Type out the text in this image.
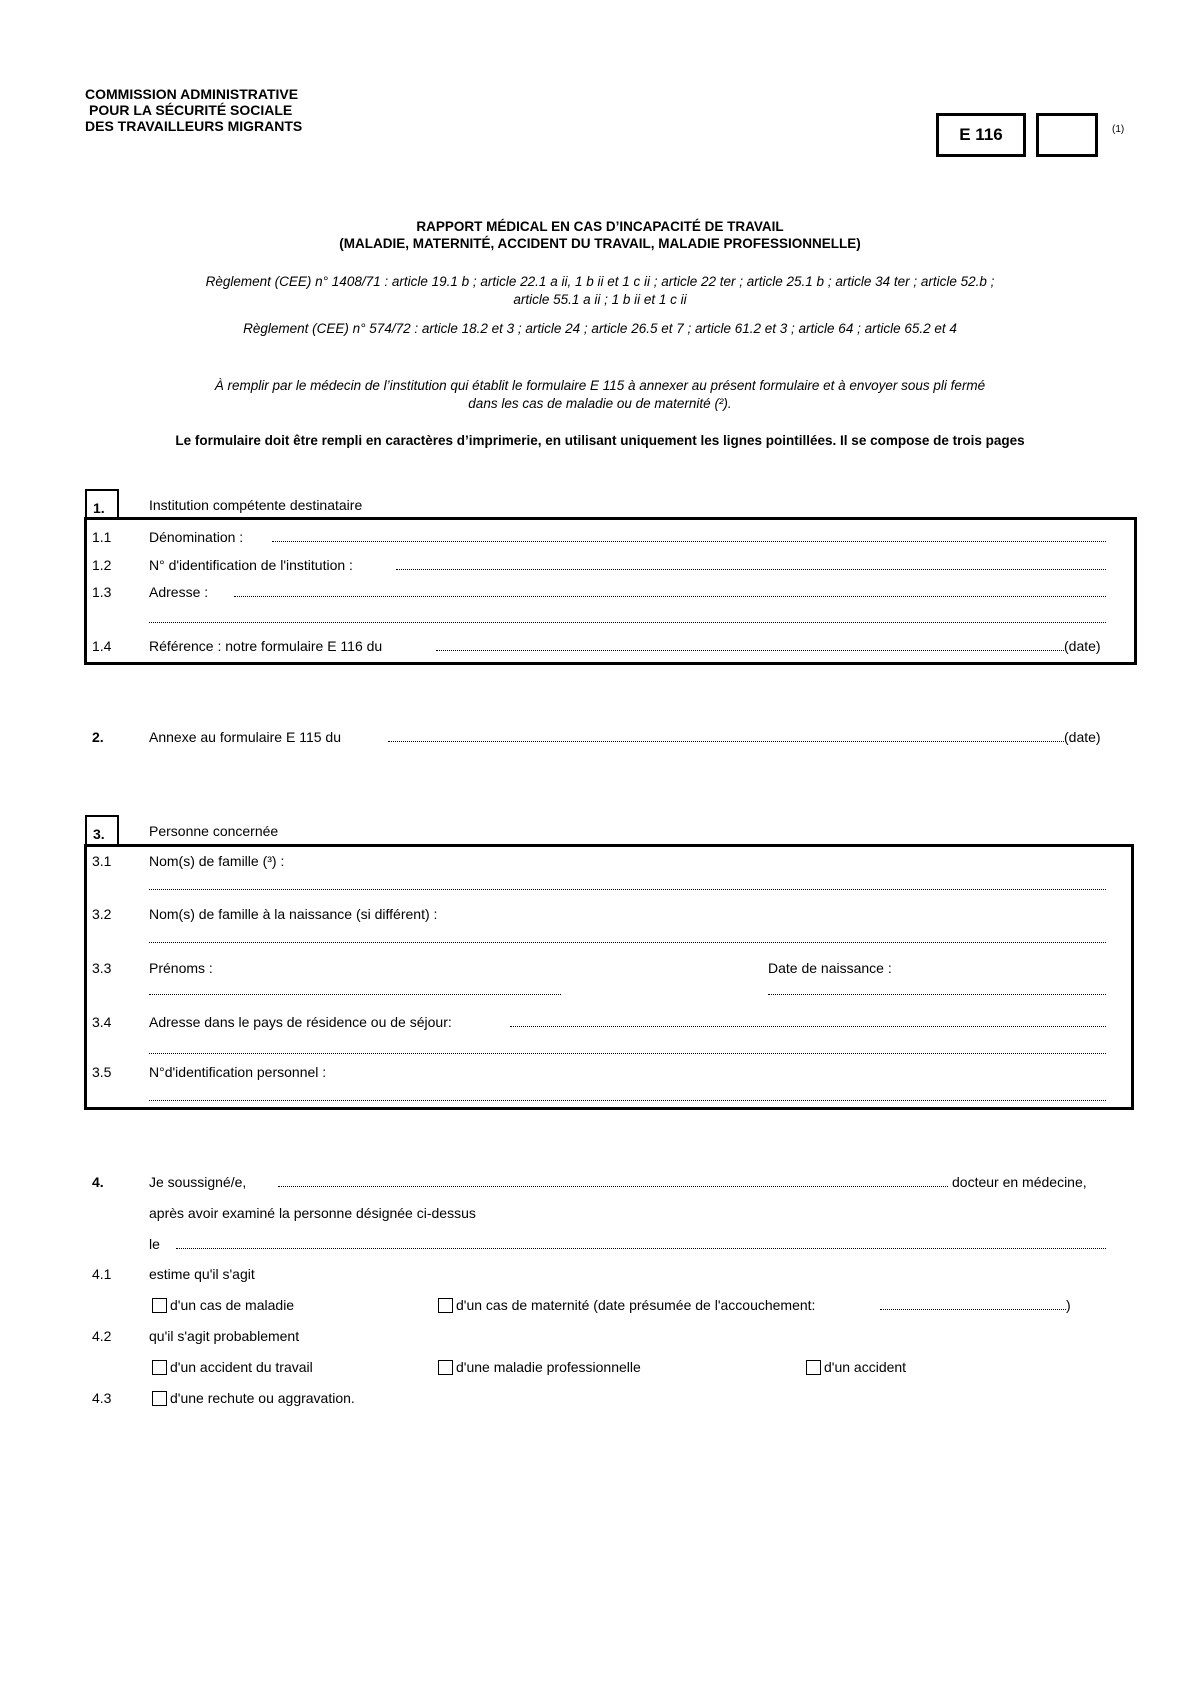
COMMISSION ADMINISTRATIVE
POUR LA SÉCURITÉ SOCIALE
DES TRAVAILLEURS MIGRANTS	E 116	(1)
RAPPORT MÉDICAL EN CAS D’INCAPACITÉ DE TRAVAIL
(MALADIE, MATERNITÉ, ACCIDENT DU TRAVAIL, MALADIE PROFESSIONNELLE)
Règlement (CEE) n° 1408/71 : article 19.1 b ; article 22.1 a ii, 1 b ii et 1 c ii ; article 22 ter ; article 25.1 b ; article 34 ter ; article 52.b ;
article 55.1 a ii ; 1 b ii et 1 c ii
Règlement (CEE) n° 574/72 : article 18.2 et 3 ; article 24 ; article 26.5 et 7 ; article 61.2 et 3 ; article 64 ; article 65.2 et 4
À remplir par le médecin de l’institution qui établit le formulaire E 115 à annexer au présent formulaire et à envoyer sous pli fermé
dans les cas de maladie ou de maternité (²).
Le formulaire doit être rempli en caractères d’imprimerie, en utilisant uniquement les lignes pointillées. Il se compose de trois pages
1.	Institution compétente destinataire
1.1	Dénomination :
1.2	N° d'identification de l'institution :
1.3	Adresse :
1.4	Référence : notre formulaire E 116 du	(date)
2.	Annexe au formulaire E 115 du	(date)
3.	Personne concernée
3.1	Nom(s) de famille (³) :
3.2	Nom(s) de famille à la naissance (si différent) :
3.3	Prénoms :	Date de naissance :
3.4	Adresse dans le pays de résidence ou de séjour:
3.5	N°d'identification personnel :
4.	Je soussigné/e,	docteur en médecine,
après avoir examiné la personne désignée ci-dessus
le
4.1	estime qu'il s'agit
d'un cas de maladie	d'un cas de maternité (date présumée de l'accouchement:	)
4.2	qu'il s'agit probablement
d'un accident du travail	d'une maladie professionnelle	d'un accident
4.3	d'une rechute ou aggravation.
